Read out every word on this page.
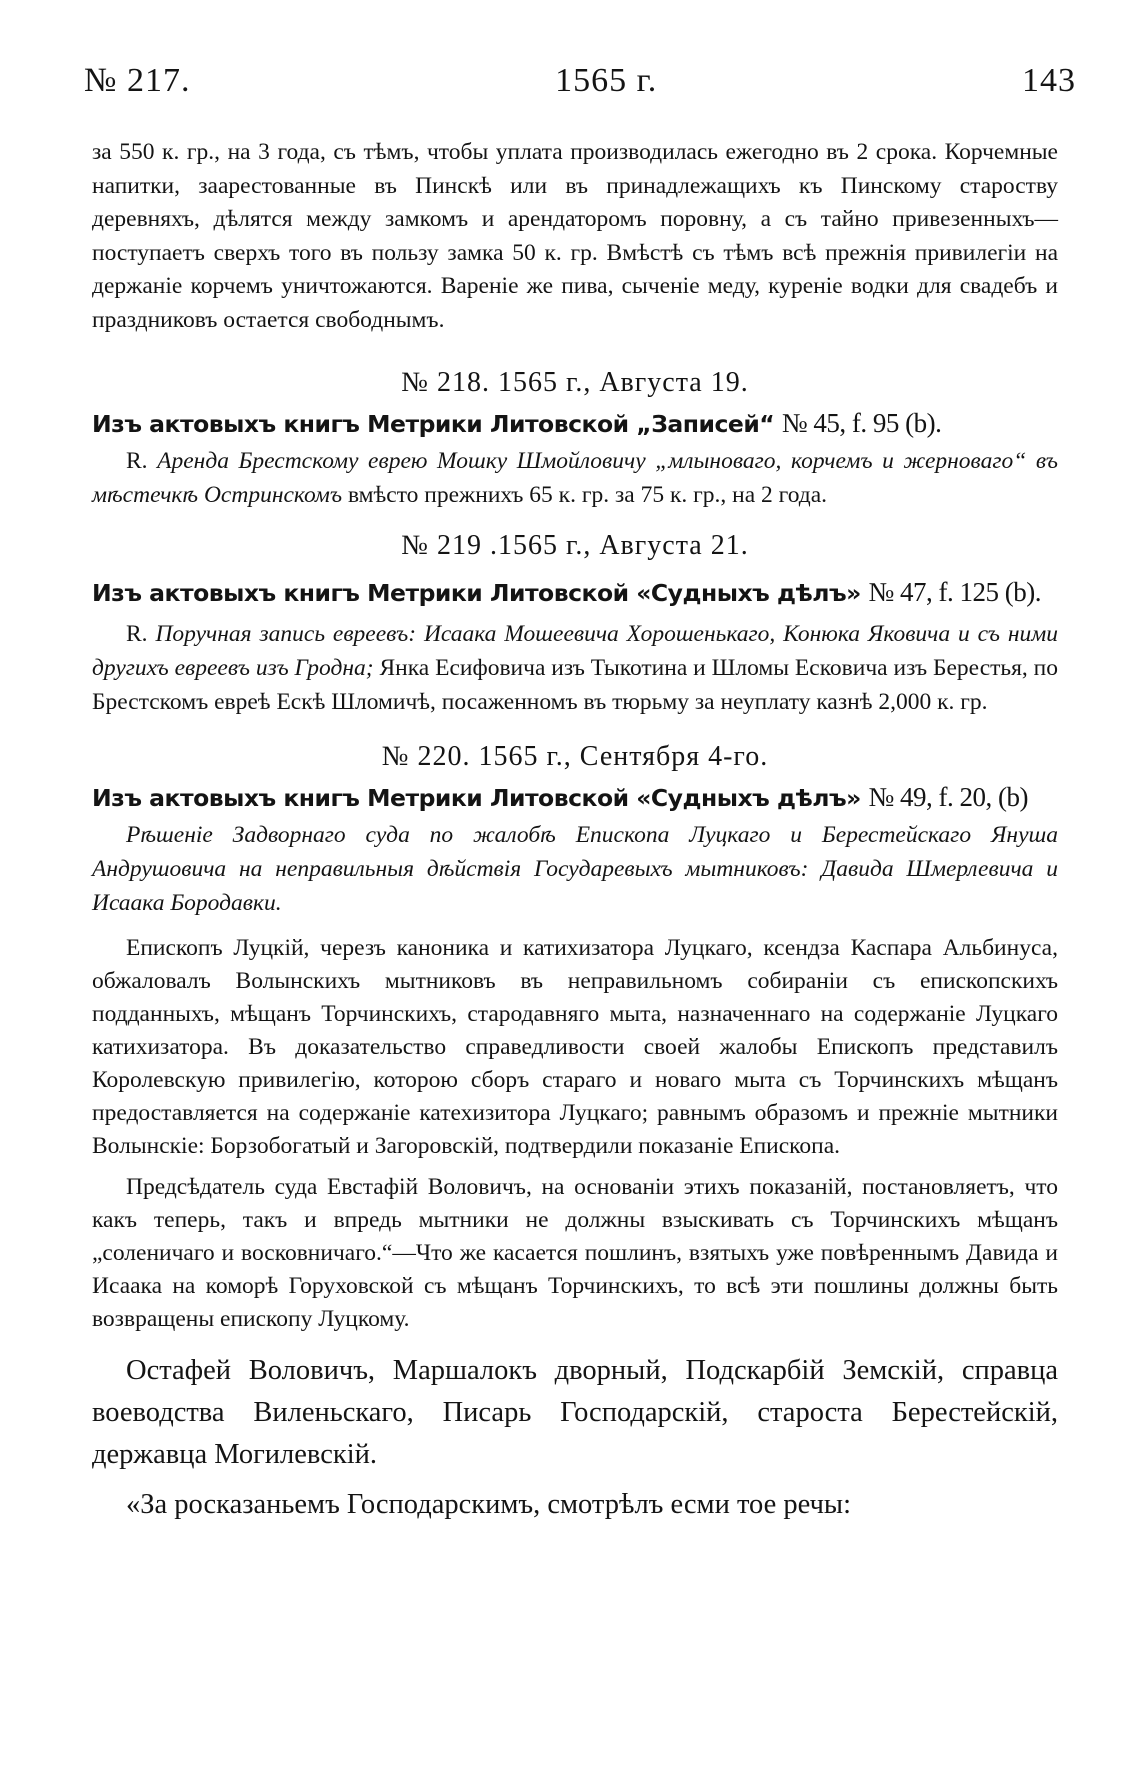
№ 217.	1565 г.	143

за 550 к. гр., на 3 года, съ тѣмъ, чтобы уплата производилась ежегодно въ 2 срока. Корчемные напитки, заарестованные въ Пинскѣ или въ принадлежащихъ къ Пинскому староству деревняхъ, дѣлятся между замкомъ и арендаторомъ поровну, а съ тайно привезенныхъ—поступаетъ сверхъ того въ пользу замка 50 к. гр. Вмѣстѣ съ тѣмъ всѣ прежнія привилегіи на держаніе корчемъ уничтожаются. Вареніе же пива, сыченіе меду, куреніе водки для свадебъ и праздниковъ остается свободнымъ.

№ 218. 1565 г., Августа 19.
Изъ актовыхъ книгъ Метрики Литовской „Записей“ № 45, f. 95 (b).

R. Аренда Брестскому еврею Мошку Шмойловичу „млыноваго, корчемъ и жерноваго“ въ мѣстечкѣ Остринскомъ вмѣсто прежнихъ 65 к. гр. за 75 к. гр., на 2 года.

№ 219 .1565 г., Августа 21.
Изъ актовыхъ книгъ Метрики Литовской «Судныхъ дѣлъ» № 47, f. 125 (b).

R. Поручная запись евреевъ: Исаака Мошеевича Хорошенькаго, Конюка Яковича и съ ними другихъ евреевъ изъ Гродна; Янка Есифовича изъ Тыкотина и Шломы Есковича изъ Берестья, по Брестскомъ евреѣ Ескѣ Шломичѣ, посаженномъ въ тюрьму за неуплату казнѣ 2,000 к. гр.

№ 220. 1565 г., Сентября 4-го.
Изъ актовыхъ книгъ Метрики Литовской «Судныхъ дѣлъ» № 49, f. 20, (b)

Рѣшеніе Задворнаго суда по жалобѣ Епископа Луцкаго и Берестейскаго Януша Андрушовича на неправильныя дѣйствія Государевыхъ мытниковъ: Давида Шмерлевича и Исаака Бородавки.

Епископъ Луцкій, черезъ каноника и катихизатора Луцкаго, ксендза Каспара Альбинуса, обжаловалъ Волынскихъ мытниковъ въ неправильномъ собираніи съ епископскихъ подданныхъ, мѣщанъ Торчинскихъ, стародавняго мыта, назначеннаго на содержаніе Луцкаго катихизатора. Въ доказательство справедливости своей жалобы Епископъ представилъ Королевскую привилегію, которою сборъ стараго и новаго мыта съ Торчинскихъ мѣщанъ предоставляется на содержаніе катехизитора Луцкаго; равнымъ образомъ и прежніе мытники Волынскіе: Борзобогатый и Загоровскій, подтвердили показаніе Епископа.

Предсѣдатель суда Евстафій Воловичъ, на основаніи этихъ показаній, постановляетъ, что какъ теперь, такъ и впредь мытники не должны взыскивать съ Торчинскихъ мѣщанъ „соленичаго и восковничаго.“—Что же касается пошлинъ, взятыхъ уже повѣреннымъ Давида и Исаака на коморѣ Горуховской съ мѣщанъ Торчинскихъ, то всѣ эти пошлины должны быть возвращены епископу Луцкому.

Остафей Воловичъ, Маршалокъ дворный, Подскарбій Земскій, справца воеводства Виленьскаго, Писарь Господарскій, староста Берестейскій, державца Могилевскій.

«За росказаньемъ Господарскимъ, смотрѣлъ есми тое речы:
